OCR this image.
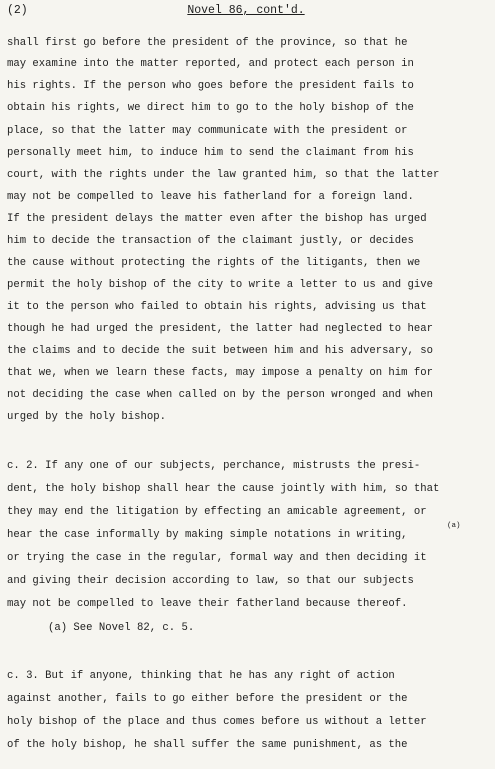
(2)	Novel 86, cont'd.
shall first go before the president of the province, so that he
may examine into the matter reported, and protect each person in
his rights. If the person who goes before the president fails to
obtain his rights, we direct him to go to the holy bishop of the
place, so that the latter may communicate with the president or
personally meet him, to induce him to send the claimant from his
court, with the rights under the law granted him, so that the latter
may not be compelled to leave his fatherland for a foreign land.
If the president delays the matter even after the bishop has urged
him to decide the transaction of the claimant justly, or decides
the cause without protecting the rights of the litigants, then we
permit the holy bishop of the city to write a letter to us and give
it to the person who failed to obtain his rights, advising us that
though he had urged the president, the latter had neglected to hear
the claims and to decide the suit between him and his adversary, so
that we, when we learn these facts, may impose a penalty on him for
not deciding the case when called on by the person wronged and when
urged by the holy bishop.
c. 2. If any one of our subjects, perchance, mistrusts the presi-
dent, the holy bishop shall hear the cause jointly with him, so that
they may end the litigation by effecting an amicable agreement, or
hear the case informally by making simple notations in writing,
(a)
or trying the case in the regular, formal way and then deciding it
and giving their decision according to law, so that our subjects
may not be compelled to leave their fatherland because thereof.
(a) See Novel 82, c. 5.
c. 3. But if anyone, thinking that he has any right of action
against another, fails to go either before the president or the
holy bishop of the place and thus comes before us without a letter
of the holy bishop, he shall suffer the same punishment, as the
